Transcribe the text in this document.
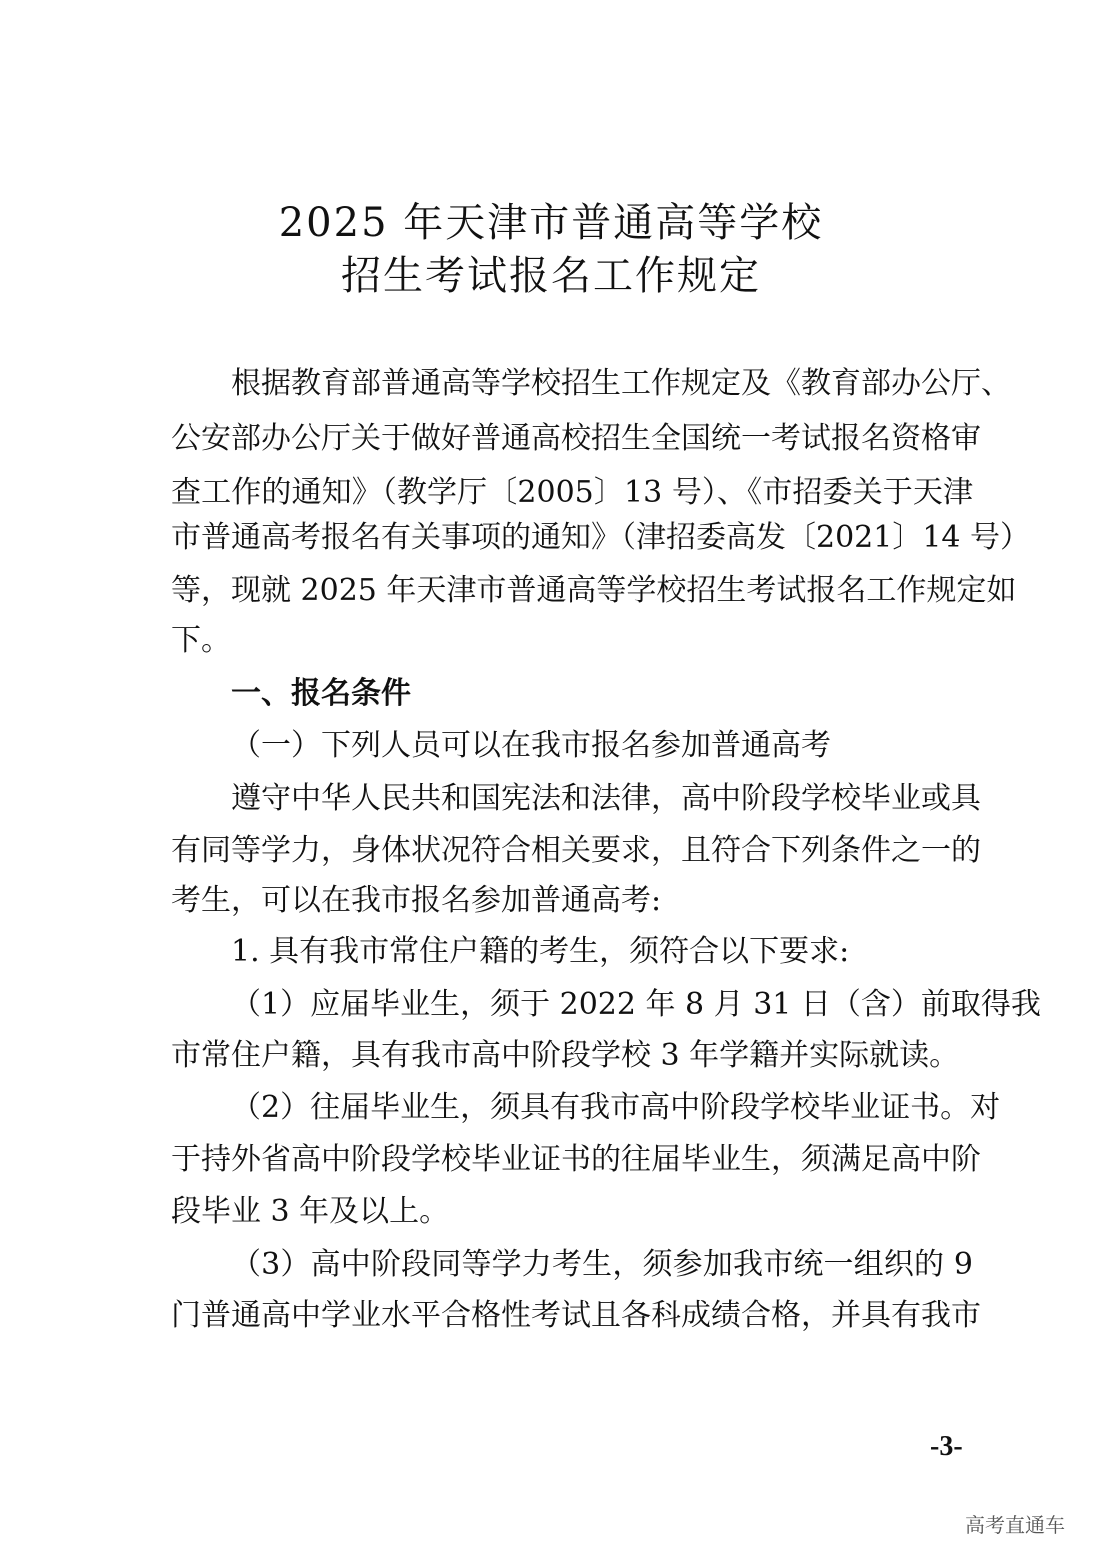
2025 年天津市普通高等学校
招生考试报名工作规定
根据教育部普通高等学校招生工作规定及《教育部办公厅、
公安部办公厅关于做好普通高校招生全国统一考试报名资格审
查工作的通知》（教学厅〔2005〕13 号）、《市招委关于天津
市普通高考报名有关事项的通知》（津招委高发〔2021〕14 号）
等，现就 2025 年天津市普通高等学校招生考试报名工作规定如
下。
一、报名条件
（一）下列人员可以在我市报名参加普通高考
遵守中华人民共和国宪法和法律，高中阶段学校毕业或具
有同等学力，身体状况符合相关要求，且符合下列条件之一的
考生，可以在我市报名参加普通高考:
1. 具有我市常住户籍的考生，须符合以下要求:
（1）应届毕业生，须于 2022 年 8 月 31 日（含）前取得我
市常住户籍，具有我市高中阶段学校 3 年学籍并实际就读。
（2）往届毕业生，须具有我市高中阶段学校毕业证书。对
于持外省高中阶段学校毕业证书的往届毕业生，须满足高中阶
段毕业 3 年及以上。
（3）高中阶段同等学力考生，须参加我市统一组织的 9
门普通高中学业水平合格性考试且各科成绩合格，并具有我市
-3-
高考直通车
